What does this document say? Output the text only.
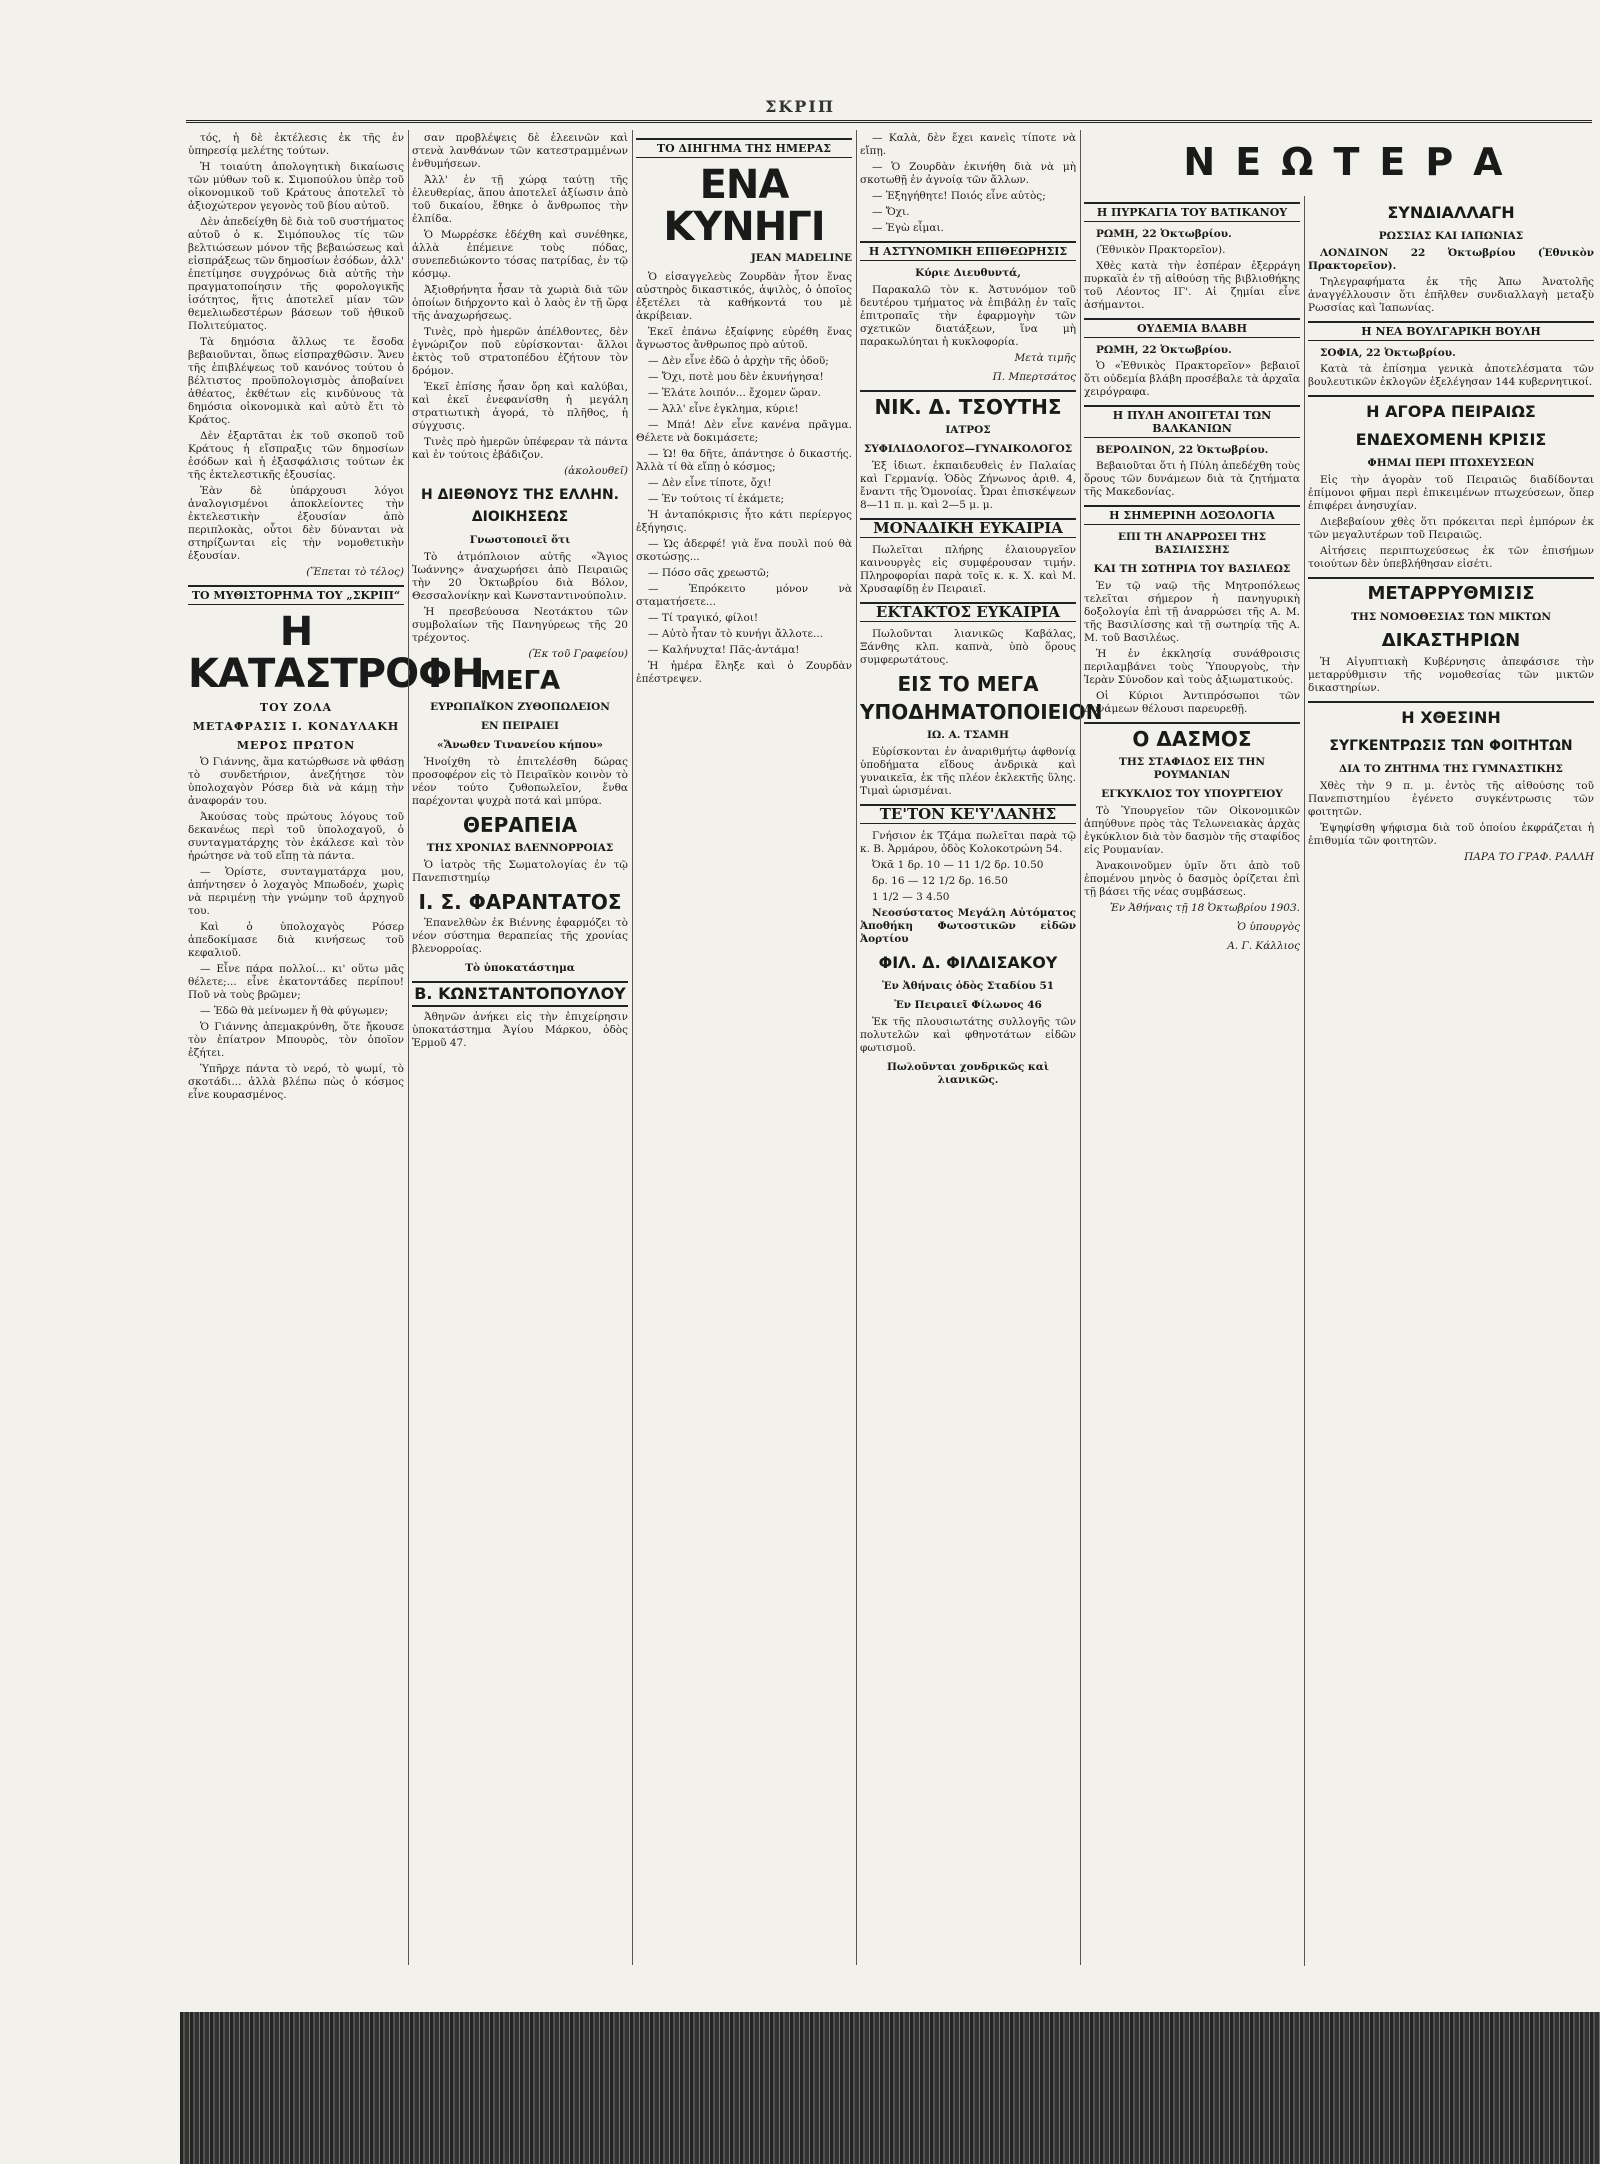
ΣΚΡΙΠ

τός, ἡ δὲ ἐκτέλεσις ἐκ τῆς ἐν ὑπηρεσίᾳ μελέτης τούτων.

Ἡ τοιαύτη ἀπολογητικὴ δικαίωσις τῶν μύθων τοῦ κ. Σιμοπούλου ὑπὲρ τοῦ οἰκονομικοῦ τοῦ Κράτους ἀποτελεῖ τὸ ἀξιοχώτερον γεγονὸς τοῦ βίου αὐτοῦ.

Δὲν ἀπεδείχθη δὲ διὰ τοῦ συστήματος αὐτοῦ ὁ κ. Σιμόπουλος τίς τῶν βελτιώσεων μόνον τῆς βεβαιώσεως καὶ εἰσπράξεως τῶν δημοσίων ἐσόδων, ἀλλ' ἐπετίμησε συγχρόνως διὰ αὐτῆς τὴν πραγματοποίησιν τῆς φορολογικῆς ἰσότητος, ἥτις ἀποτελεῖ μίαν τῶν θεμελιωδεστέρων βάσεων τοῦ ἠθικοῦ Πολιτεύματος.

Τὰ δημόσια ἄλλως τε ἔσοδα βεβαιοῦνται, ὅπως εἰσπραχθῶσιν. Ἄνευ τῆς ἐπιβλέψεως τοῦ κανόνος τούτου ὁ βέλτιστος προϋπολογισμὸς ἀποβαίνει ἀθέατος, ἐκθέτων εἰς κινδύνους τὰ δημόσια οἰκονομικὰ καὶ αὐτὸ ἔτι τὸ Κράτος.

Δὲν ἐξαρτᾶται ἐκ τοῦ σκοποῦ τοῦ Κράτους ἡ εἴσπραξις τῶν δημοσίων ἐσόδων καὶ ἡ ἐξασφάλισις τούτων ἐκ τῆς ἐκτελεστικῆς ἐξουσίας.

Ἐὰν δὲ ὑπάρχουσι λόγοι ἀναλογισμένοι ἀποκλείοντες τὴν ἐκτελεστικὴν ἐξουσίαν ἀπὸ περιπλοκὰς, οὗτοι δὲν δύνανται νὰ στηρίζωνται εἰς τὴν νομοθετικὴν ἐξουσίαν.

(Ἕπεται τὸ τέλος)
ΤΟ ΜΥΘΙΣΤΟΡΗΜΑ ΤΟΥ „ΣΚΡΙΠ“
Η ΚΑΤΑΣΤΡΟΦΗ
ΤΟΥ ΖΟΛΑ
ΜΕΤΑΦΡΑΣΙΣ Ι. ΚΟΝΔΥΛΑΚΗ
ΜΕΡΟΣ ΠΡΩΤΟΝ

Ὁ Γιάννης, ἅμα κατώρθωσε νὰ φθάσῃ τὸ συνδετήριον, ἀνεζήτησε τὸν ὑπολοχαγὸν Ρόσερ διὰ νὰ κάμῃ τὴν ἀναφοράν του.

Ἀκούσας τοὺς πρώτους λόγους τοῦ δεκανέως περὶ τοῦ ὑπολοχαγοῦ, ὁ συνταγματάρχης τὸν ἐκάλεσε καὶ τὸν ἠρώτησε νὰ τοῦ εἴπῃ τὰ πάντα.

— Ὁρίστε, συνταγματάρχα μου, ἀπήντησεν ὁ λοχαγὸς Μπωδοέν, χωρὶς νὰ περιμένῃ τὴν γνώμην τοῦ ἀρχηγοῦ του.

Καὶ ὁ ὑπολοχαγὸς Ρόσερ ἀπεδοκίμασε διὰ κινήσεως τοῦ κεφαλιοῦ.

— Εἶνε πάρα πολλοί... κι' οὕτω μᾶς θέλετε;... εἶνε ἑκατοντάδες περίπου! Ποῦ νὰ τοὺς βρῶμεν;

— Ἐδῶ θὰ μείνωμεν ἤ θὰ φύγωμεν;

Ὁ Γιάννης ἀπεμακρύνθη, ὅτε ἤκουσε τὸν ἐπίατρον Μπουρὸς, τὸν ὁποῖον ἐζήτει.

Ὑπῆρχε πάντα τὸ νερό, τὸ ψωμί, τὸ σκοτάδι... ἀλλὰ βλέπω πὼς ὁ κόσμος εἶνε κουρασμένος.

σαν προβλέψεις δὲ ἐλεεινῶν καὶ στενὰ λανθάνων τῶν κατεστραμμένων ἐνθυμήσεων.

Ἀλλ' ἐν τῇ χώρᾳ ταύτῃ τῆς ἐλευθερίας, ἅπου ἀποτελεῖ ἀξίωσιν ἀπὸ τοῦ δικαίου, ἔθηκε ὁ ἄνθρωπος τὴν ἐλπίδα.

Ὁ Μωρρέσκε ἐδέχθη καὶ συνέθηκε, ἀλλὰ ἐπέμεινε τοὺς πόδας, συνεπεδιώκοντο τόσας πατρίδας, ἐν τῷ κόσμῳ.

Ἀξιοθρήνητα ἦσαν τὰ χωριὰ διὰ τῶν ὁποίων διήρχοντο καὶ ὁ λαὸς ἐν τῇ ὥρᾳ τῆς ἀναχωρήσεως.

Τινὲς, πρὸ ἡμερῶν ἀπέλθοντες, δὲν ἐγνώριζον ποῦ εὑρίσκονται· ἄλλοι ἐκτὸς τοῦ στρατοπέδου ἐζήτουν τὸν δρόμον.

Ἐκεῖ ἐπίσης ἦσαν ὄρη καὶ καλύβαι, καὶ ἐκεῖ ἐνεφανίσθη ἡ μεγάλη στρατιωτικὴ ἀγορά, τὸ πλῆθος, ἡ σύγχυσις.

Τινὲς πρὸ ἡμερῶν ὑπέφεραν τὰ πάντα καὶ ἐν τούτοις ἐβάδιζον.

(ἀκολουθεῖ)
Η ΔΙΕΘΝΟΥΣ ΤΗΣ ΕΛΛΗΝ. ΔΙΟΙΚΗΣΕΩΣ
Γνωστοποιεῖ ὅτι

Τὸ ἀτμόπλοιον αὐτῆς «Ἅγιος Ἰωάννης» ἀναχωρήσει ἀπὸ Πειραιῶς τὴν 20 Ὀκτωβρίου διὰ Βόλον, Θεσσαλονίκην καὶ Κωνσταντινούπολιν.

Ἡ πρεσβεύουσα Νεοτάκτου τῶν συμβολαίων τῆς Πανηγύρεως τῆς 20 τρέχοντος.

(Ἐκ τοῦ Γραφείου)
ΜΕΓΑ
ΕΥΡΩΠΑΪΚΟΝ ΖΥΘΟΠΩΛΕΙΟΝ
ΕΝ ΠΕΙΡΑΙΕΙ
«Ἄνωθεν Τινανείου κήπου»

Ἠνοίχθη τὸ ἐπιτελέσθη δώρας προσοφέρον εἰς τὸ Πειραϊκὸν κοινὸν τὸ νέον τούτο ζυθοπωλεῖον, ἔνθα παρέχονται ψυχρὰ ποτά καὶ μπύρα.

ΘΕΡΑΠΕΙΑ
ΤΗΣ ΧΡΟΝΙΑΣ ΒΛΕΝΝΟΡΡΟΙΑΣ

Ὁ ἰατρὸς τῆς Σωματολογίας ἐν τῷ Πανεπιστημίῳ

Ι. Σ. ΦΑΡΑΝΤΑΤΟΣ

Ἐπανελθὼν ἐκ Βιέννης ἐφαρμόζει τὸ νέον σύστημα θεραπείας τῆς χρονίας βλενορροίας.

Τὸ ὑποκατάστημα
Β. ΚΩΝΣΤΑΝΤΟΠΟΥΛΟΥ

Ἀθηνῶν ἀνήκει εἰς τὴν ἐπιχείρησιν ὑποκατάστημα Ἀγίου Μάρκου, ὁδὸς Ἑρμοῦ 47.

ΤΟ ΔΙΗΓΗΜΑ ΤΗΣ ΗΜΕΡΑΣ
ΕΝΑ ΚΥΝΗΓΙ
JEAN MADELINE

Ὁ εἰσαγγελεὺς Ζουρδὰν ἦτον ἕνας αὐστηρὸς δικαστικός, ἀψιλὸς, ὁ ὁποῖος ἐξετέλει τὰ καθήκοντά του μὲ ἀκρίβειαν.

Ἐκεῖ ἐπάνω ἐξαίφνης εὑρέθη ἕνας ἄγνωστος ἄνθρωπος πρὸ αὐτοῦ.

— Δὲν εἶνε ἐδῶ ὁ ἀρχὴν τῆς ὁδοῦ;

— Ὄχι, ποτὲ μου δὲν ἐκυνήγησα!

— Ἐλάτε λοιπόν... ἔχομεν ὥραν.

— Ἀλλ' εἶνε ἐγκλημα, κύριε!

— Μπά! Δὲν εἶνε κανένα πρᾶγμα. Θέλετε νὰ δοκιμάσετε;

— Ὡ! θα δῆτε, ἀπάντησε ὁ δικαστής. Ἀλλὰ τί θὰ εἴπῃ ὁ κόσμος;

— Δὲν εἶνε τίποτε, ὄχι!

— Ἐν τούτοις τί ἐκάμετε;

Ἡ ἀνταπόκρισις ἦτο κάτι περίεργος ἐξήγησις.

— Ὡς ἀδερφέ! γιὰ ἕνα πουλὶ πού θὰ σκοτώσῃς...

— Πόσο σᾶς χρεωστῶ;

— Ἐπρόκειτο μόνον νὰ σταματήσετε...

— Τί τραγικό, φίλοι!

— Αὐτὸ ἦταν τὸ κυνήγι ἄλλοτε...

— Καλήνυχτα! Πᾶς-ἀντάμα!

Ἡ ἡμέρα ἔληξε καὶ ὁ Ζουρδὰν ἐπέστρεψεν.

— Καλὰ, δὲν ἔχει κανεὶς τίποτε νὰ εἴπῃ.

— Ὁ Ζουρδὰν ἐκινήθη διὰ νὰ μὴ σκοτωθῇ ἐν ἀγνοίᾳ τῶν ἄλλων.

— Ἐξηγήθητε! Ποιός εἶνε αὐτὸς;

— Ὄχι.

— Ἐγὼ εἶμαι.

Η ΑΣΤΥΝΟΜΙΚΗ ΕΠΙΘΕΩΡΗΣΙΣ
Κύριε Διευθυντά,

Παρακαλῶ τὸν κ. Ἀστυνόμον τοῦ δευτέρου τμήματος νὰ ἐπιβάλῃ ἐν ταῖς ἐπιτροπαῖς τὴν ἐφαρμογὴν τῶν σχετικῶν διατάξεων, ἵνα μὴ παρακωλύηται ἡ κυκλοφορία.

Μετὰ τιμῆς
Π. Μπερτσάτος
ΝΙΚ. Δ. ΤΣΟΥΤΗΣ
ΙΑΤΡΟΣ
ΣΥΦΙΛΙΔΟΛΟΓΟΣ—ΓΥΝΑΙΚΟΛΟΓΟΣ

Ἐξ ἰδιωτ. ἐκπαιδευθεὶς ἐν Παλαίας καὶ Γερμανίᾳ. Ὁδὸς Ζήνωνος ἀριθ. 4, ἔναντι τῆς Ὁμονοίας. Ὧραι ἐπισκέψεων 8—11 π. μ. καὶ 2—5 μ. μ.

ΜΟΝΑΔΙΚΗ ΕΥΚΑΙΡΙΑ

Πωλεῖται πλήρης ἐλαιουργεῖον καινουργὲς εἰς συμφέρουσαν τιμήν. Πληροφορίαι παρὰ τοῖς κ. κ. Χ. καὶ Μ. Χρυσαφίδῃ ἐν Πειραιεῖ.

ΕΚΤΑΚΤΟΣ ΕΥΚΑΙΡΙΑ

Πωλοῦνται λιανικῶς Καβάλας, Ξάνθης κλπ. καπνὰ, ὑπὸ ὅρους συμφερωτάτους.

ΕΙΣ ΤΟ ΜΕΓΑ
ΥΠΟΔΗΜΑΤΟΠΟΙΕΙΟΝ
ΙΩ. Α. ΤΣΑΜΗ

Εὑρίσκονται ἐν ἀναριθμήτῳ ἀφθονίᾳ ὑποδήματα εἴδους ἀνδρικὰ καὶ γυναικεῖα, ἐκ τῆς πλέον ἐκλεκτῆς ὕλης. Τιμαὶ ὡρισμέναι.

ΤΕ'ΤΟΝ ΚΕ'Υ'ΛΑΝΗΣ

Γνήσιον ἐκ Τζάμα πωλεῖται παρὰ τῷ κ. Β. Ἀρμάρου, ὁδὸς Κολοκοτρώνη 54.

Ὀκᾶ 1 δρ. 10 — 11 1/2 δρ. 10.50

δρ. 16 — 12 1/2 δρ. 16.50

1 1/2 — 3 4.50

Νεοσύστατος Μεγάλη Αὐτόματος Ἀποθήκη Φωτοστικῶν εἰδῶν Ἀορτίου

ΦΙΛ. Δ. ΦΙΛΔΙΣΑΚΟΥ
Ἐν Ἀθήναις ὁδὸς Σταδίου 51
Ἐν Πειραιεῖ Φίλωνος 46

Ἐκ τῆς πλουσιωτάτης συλλογῆς τῶν πολυτελῶν καὶ φθηνοτάτων εἰδῶν φωτισμοῦ.

Πωλοῦνται χονδρικῶς καὶ λιανικῶς.
ΝΕΩΤΕΡΑ
Η ΠΥΡΚΑΓΙΑ ΤΟΥ ΒΑΤΙΚΑΝΟΥ

ΡΩΜΗ, 22 Ὀκτωβρίου.

(Ἐθνικὸν Πρακτορεῖον).

Χθὲς κατὰ τὴν ἑσπέραν ἐξερράγη πυρκαϊὰ ἐν τῇ αἰθούσῃ τῆς βιβλιοθήκης τοῦ Λέοντος ΙΓ'. Αἱ ζημίαι εἶνε ἀσήμαντοι.

ΟΥΔΕΜΙΑ ΒΛΑΒΗ

ΡΩΜΗ, 22 Ὀκτωβρίου.

Ὁ «Ἐθνικὸς Πρακτορεῖον» βεβαιοῖ ὅτι οὐδεμία βλάβη προσέβαλε τὰ ἀρχαῖα χειρόγραφα.

Η ΠΥΛΗ ΑΝΟΙΓΕΤΑΙ ΤΩΝ ΒΑΛΚΑΝΙΩΝ

ΒΕΡΟΛΙΝΟΝ, 22 Ὀκτωβρίου.

Βεβαιοῦται ὅτι ἡ Πύλη ἀπεδέχθη τοὺς ὅρους τῶν δυνάμεων διὰ τὰ ζητήματα τῆς Μακεδονίας.

Η ΣΗΜΕΡΙΝΗ ΔΟΞΟΛΟΓΙΑ
ΕΠΙ ΤΗ ΑΝΑΡΡΩΣΕΙ ΤΗΣ ΒΑΣΙΛΙΣΣΗΣ
ΚΑΙ ΤΗ ΣΩΤΗΡΙΑ ΤΟΥ ΒΑΣΙΛΕΩΣ

Ἐν τῷ ναῷ τῆς Μητροπόλεως τελεῖται σήμερον ἡ πανηγυρικὴ δοξολογία ἐπὶ τῇ ἀναρρώσει τῆς Α. Μ. τῆς Βασιλίσσης καὶ τῇ σωτηρίᾳ τῆς Α. Μ. τοῦ Βασιλέως.

Ἡ ἐν ἐκκλησίᾳ συνάθροισις περιλαμβάνει τοὺς Ὑπουργοὺς, τὴν Ἱερὰν Σύνοδον καὶ τοὺς ἀξιωματικούς.

Οἱ Κύριοι Ἀντιπρόσωποι τῶν Δυνάμεων θέλουσι παρευρεθῇ.

Ο ΔΑΣΜΟΣ
ΤΗΣ ΣΤΑΦΙΔΟΣ ΕΙΣ ΤΗΝ ΡΟΥΜΑΝΙΑΝ
ΕΓΚΥΚΛΙΟΣ ΤΟΥ ΥΠΟΥΡΓΕΙΟΥ

Τὸ Ὑπουργεῖον τῶν Οἰκονομικῶν ἀπηύθυνε πρὸς τὰς Τελωνειακὰς ἀρχὰς ἐγκύκλιον διὰ τὸν δασμὸν τῆς σταφίδος εἰς Ρουμανίαν.

Ἀνακοινοῦμεν ὑμῖν ὅτι ἀπὸ τοῦ ἐπομένου μηνὸς ὁ δασμὸς ὁρίζεται ἐπὶ τῇ βάσει τῆς νέας συμβάσεως.

Ἐν Ἀθήναις τῇ 18 Ὀκτωβρίου 1903.
Ὁ ὑπουργὸς
Α. Γ. Κάλλιος
ΣΥΝΔΙΑΛΛΑΓΗ
ΡΩΣΣΙΑΣ ΚΑΙ ΙΑΠΩΝΙΑΣ

ΛΟΝΔΙΝΟΝ 22 Ὀκτωβρίου (Ἐθνικὸν Πρακτορεῖον).

Τηλεγραφήματα ἐκ τῆς Ἀπω Ἀνατολῆς ἀναγγέλλουσιν ὅτι ἐπῆλθεν συνδιαλλαγὴ μεταξὺ Ρωσσίας καὶ Ἰαπωνίας.

Η ΝΕΑ ΒΟΥΛΓΑΡΙΚΗ ΒΟΥΛΗ

ΣΟΦΙΑ, 22 Ὀκτωβρίου.

Κατὰ τὰ ἐπίσημα γενικὰ ἀποτελέσματα τῶν βουλευτικῶν ἐκλογῶν ἐξελέγησαν 144 κυβερνητικοί.

Η ΑΓΟΡΑ ΠΕΙΡΑΙΩΣ
ΕΝΔΕΧΟΜΕΝΗ ΚΡΙΣΙΣ
ΦΗΜΑΙ ΠΕΡΙ ΠΤΩΧΕΥΣΕΩΝ

Εἰς τὴν ἀγορὰν τοῦ Πειραιῶς διαδίδονται ἐπίμονοι φῆμαι περὶ ἐπικειμένων πτωχεύσεων, ὅπερ ἐπιφέρει ἀνησυχίαν.

Διεβεβαίουν χθὲς ὅτι πρόκειται περὶ ἐμπόρων ἐκ τῶν μεγαλυτέρων τοῦ Πειραιῶς.

Αἰτήσεις περιπτωχεύσεως ἐκ τῶν ἐπισήμων τοιούτων δὲν ὑπεβλήθησαν εἰσέτι.

ΜΕΤΑΡΡΥΘΜΙΣΙΣ
ΤΗΣ ΝΟΜΟΘΕΣΙΑΣ ΤΩΝ ΜΙΚΤΩΝ
ΔΙΚΑΣΤΗΡΙΩΝ

Ἡ Αἰγυπτιακὴ Κυβέρνησις ἀπεφάσισε τὴν μεταρρύθμισιν τῆς νομοθεσίας τῶν μικτῶν δικαστηρίων.

Η ΧΘΕΣΙΝΗ
ΣΥΓΚΕΝΤΡΩΣΙΣ ΤΩΝ ΦΟΙΤΗΤΩΝ
ΔΙΑ ΤΟ ΖΗΤΗΜΑ ΤΗΣ ΓΥΜΝΑΣΤΙΚΗΣ

Χθὲς τὴν 9 π. μ. ἐντὸς τῆς αἰθούσης τοῦ Πανεπιστημίου ἐγένετο συγκέντρωσις τῶν φοιτητῶν.

Ἐψηφίσθη ψήφισμα διὰ τοῦ ὁποίου ἐκφράζεται ἡ ἐπιθυμία τῶν φοιτητῶν.

ΠΑΡΑ ΤΟ ΓΡΑΦ. ΡΑΛΛΗ
